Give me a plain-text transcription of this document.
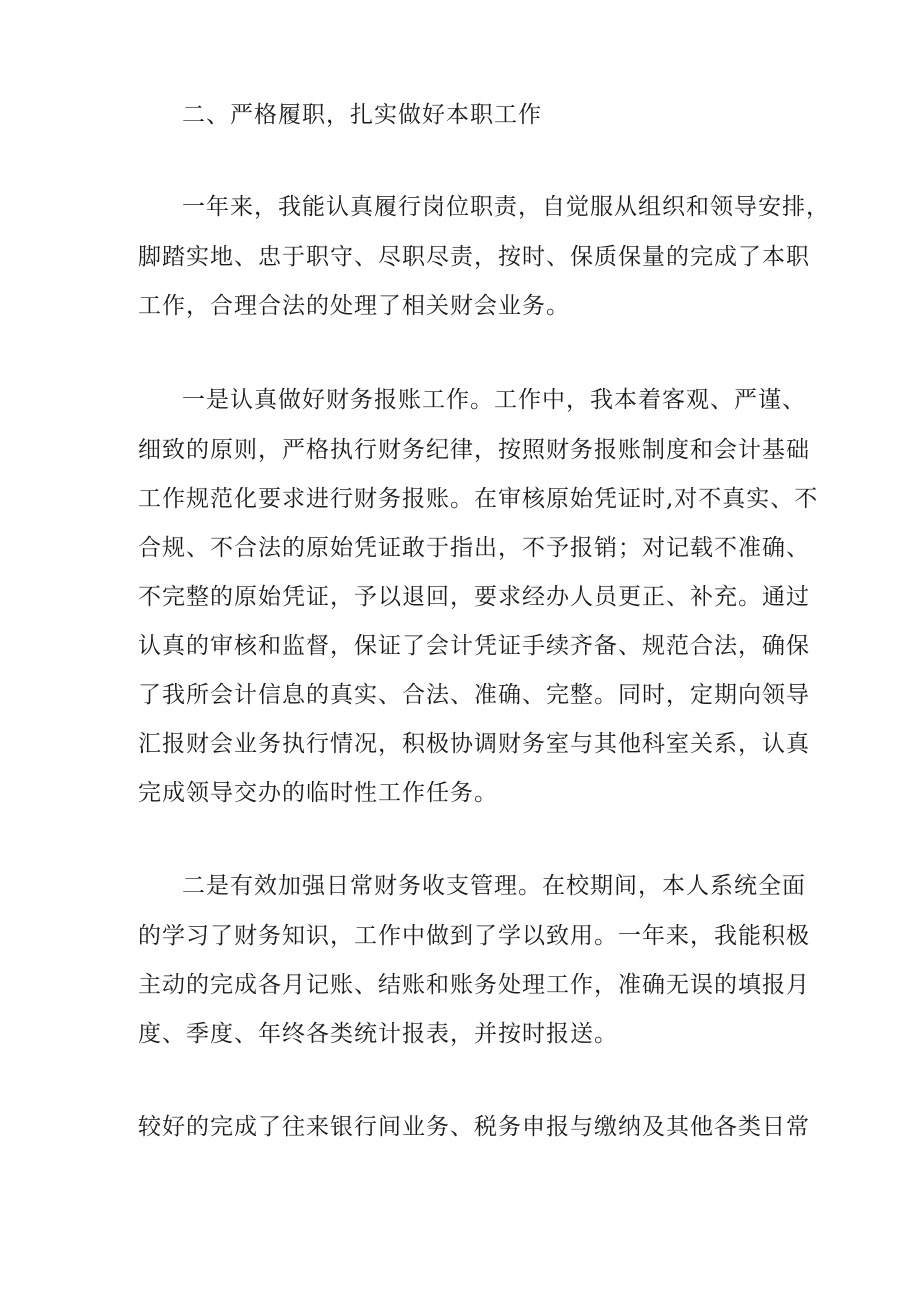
二、严格履职，扎实做好本职工作
一年来，我能认真履行岗位职责，自觉服从组织和领导安排，
脚踏实地、忠于职守、尽职尽责，按时、保质保量的完成了本职
工作，合理合法的处理了相关财会业务。
一是认真做好财务报账工作。工作中，我本着客观、严谨、
细致的原则，严格执行财务纪律，按照财务报账制度和会计基础
工作规范化要求进行财务报账。在审核原始凭证时,对不真实、不
合规、不合法的原始凭证敢于指出，不予报销；对记载不准确、
不完整的原始凭证，予以退回，要求经办人员更正、补充。通过
认真的审核和监督，保证了会计凭证手续齐备、规范合法，确保
了我所会计信息的真实、合法、准确、完整。同时，定期向领导
汇报财会业务执行情况，积极协调财务室与其他科室关系，认真
完成领导交办的临时性工作任务。
二是有效加强日常财务收支管理。在校期间，本人系统全面
的学习了财务知识，工作中做到了学以致用。一年来，我能积极
主动的完成各月记账、结账和账务处理工作，准确无误的填报月
度、季度、年终各类统计报表，并按时报送。
较好的完成了往来银行间业务、税务申报与缴纳及其他各类日常
